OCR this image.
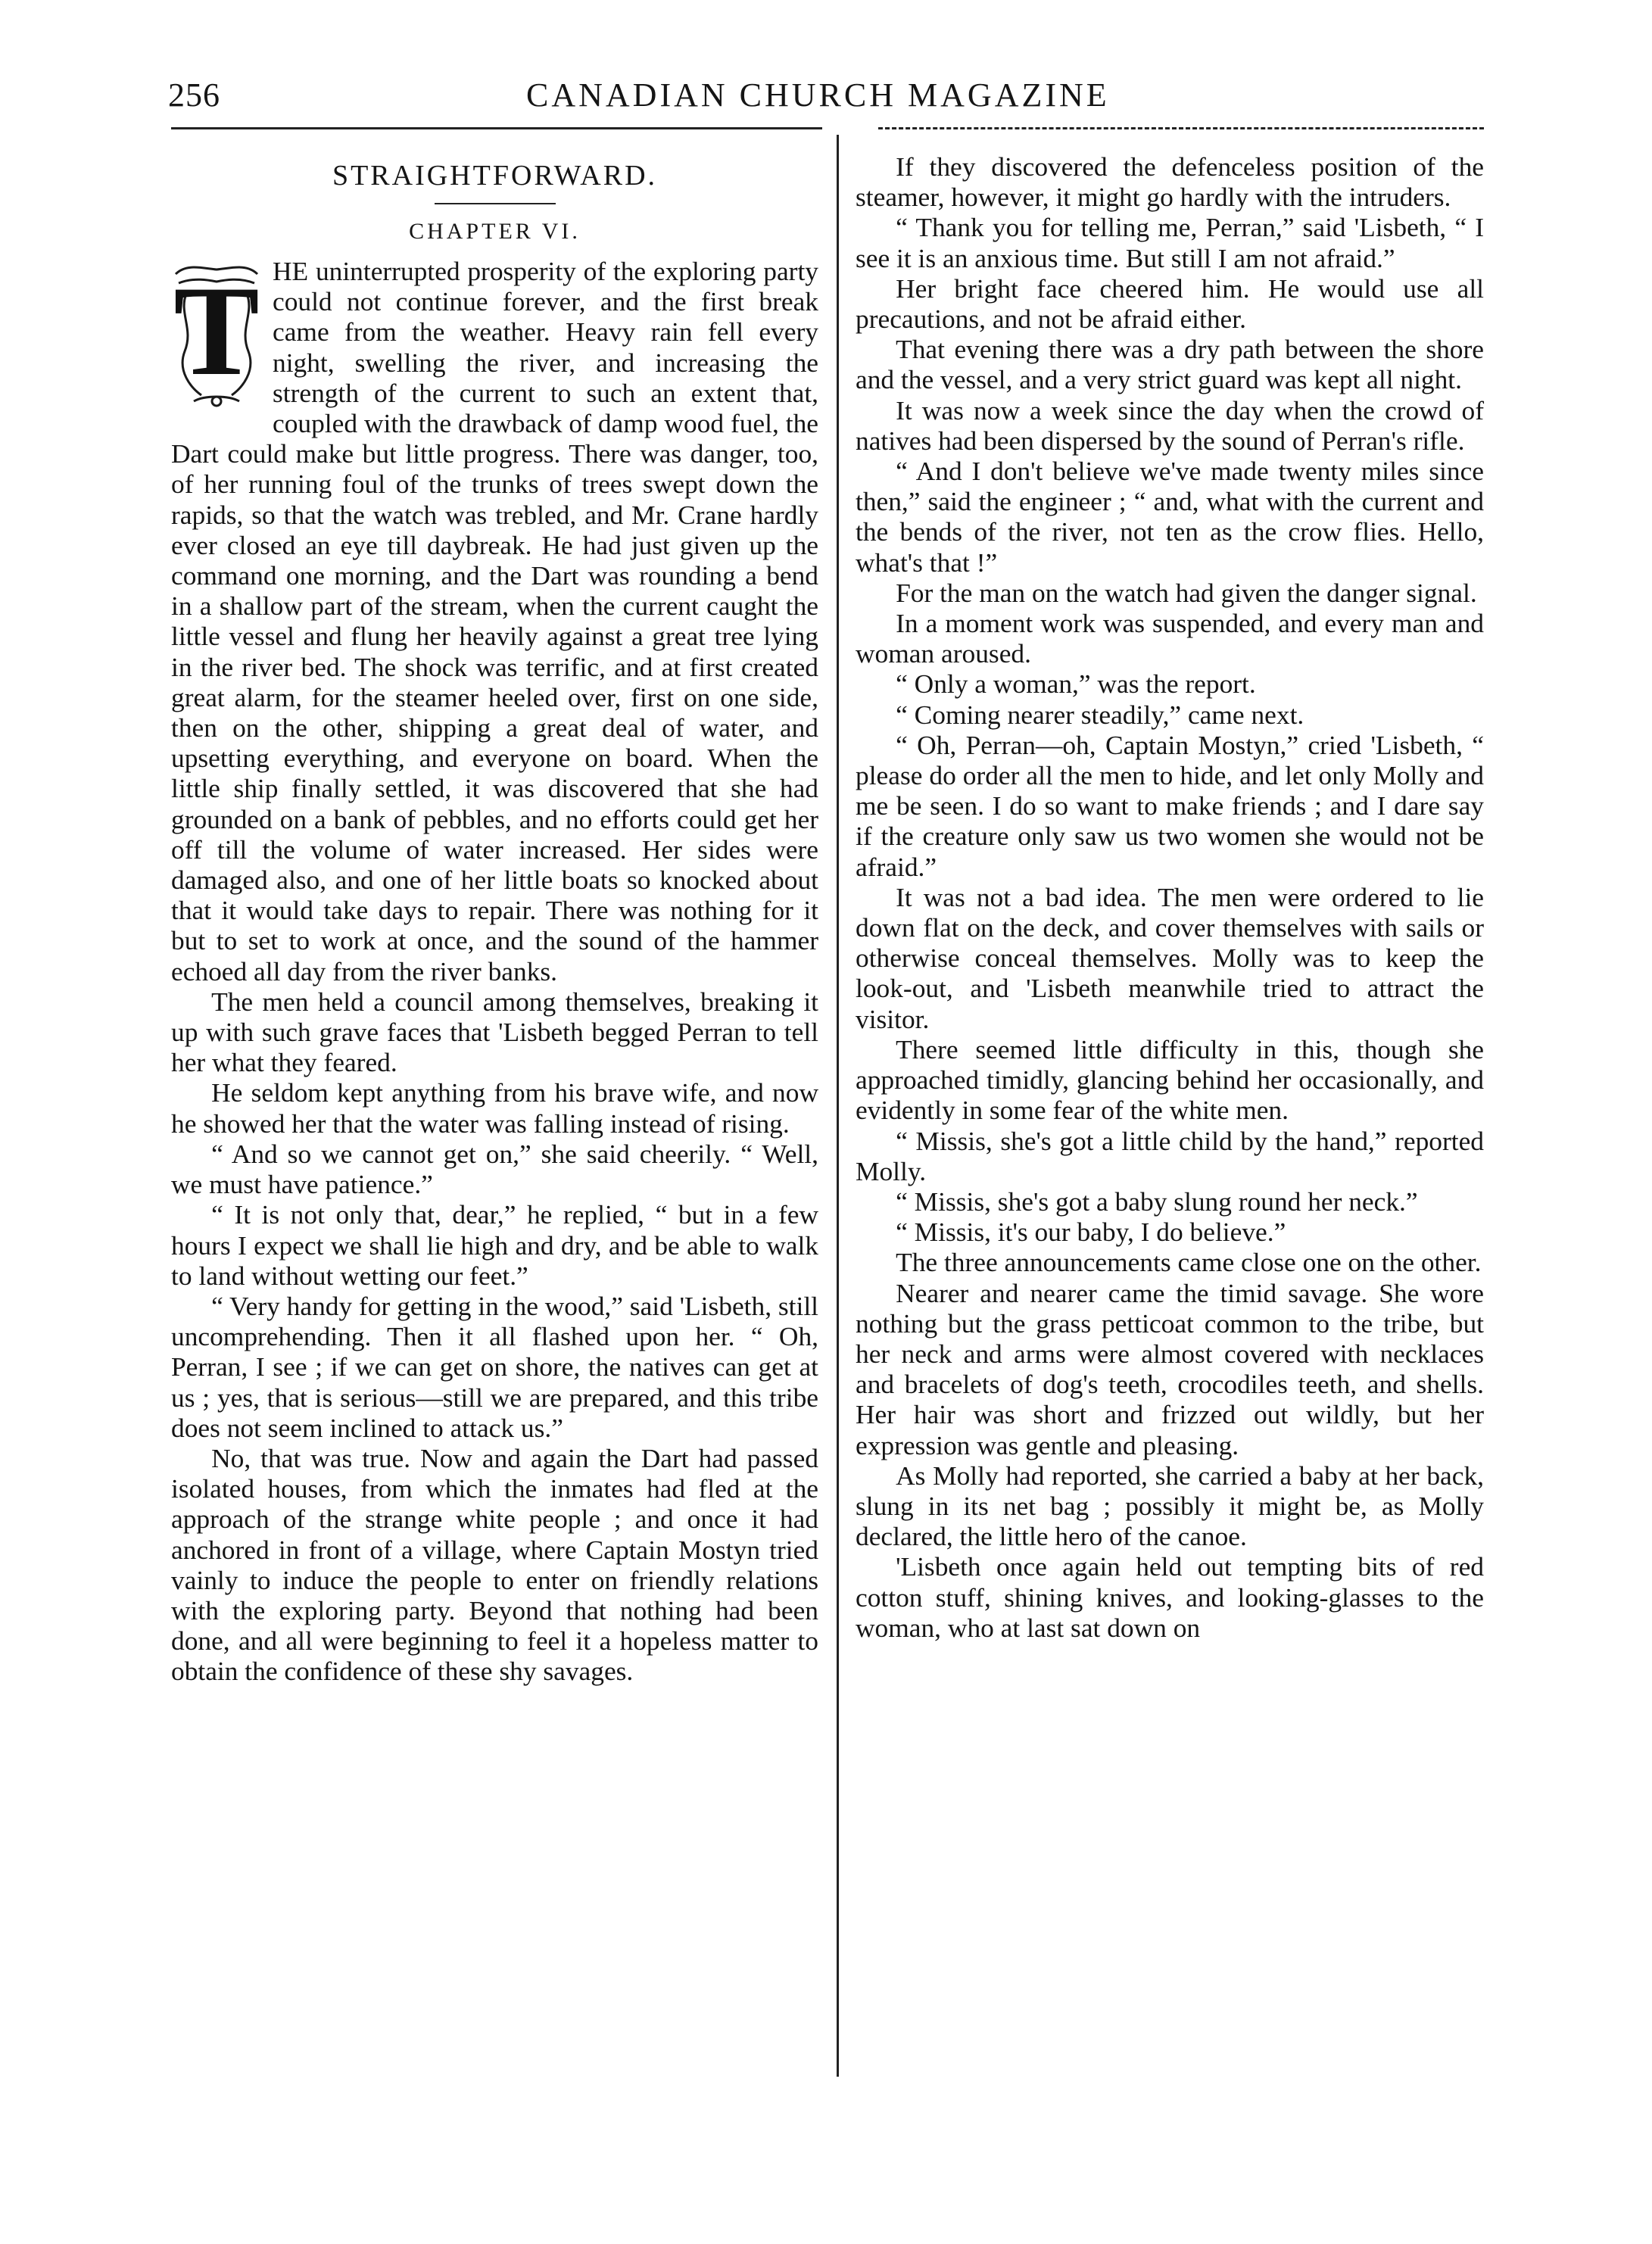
256	CANADIAN CHURCH MAGAZINE
STRAIGHTFORWARD.
CHAPTER VI.
T HE uninterrupted prosperity of the exploring party could not continue forever, and the first break came from the weather. Heavy rain fell every night, swelling the river, and increasing the strength of the current to such an extent that, coupled with the drawback of damp wood fuel, the Dart could make but little progress. There was danger, too, of her running foul of the trunks of trees swept down the rapids, so that the watch was trebled, and Mr. Crane hardly ever closed an eye till daybreak. He had just given up the command one morning, and the Dart was rounding a bend in a shallow part of the stream, when the current caught the little vessel and flung her heavily against a great tree lying in the river bed. The shock was terrific, and at first created great alarm, for the steamer heeled over, first on one side, then on the other, shipping a great deal of water, and upsetting everything, and everyone on board. When the little ship finally settled, it was discovered that she had grounded on a bank of pebbles, and no efforts could get her off till the volume of water increased. Her sides were damaged also, and one of her little boats so knocked about that it would take days to repair. There was nothing for it but to set to work at once, and the sound of the hammer echoed all day from the river banks.

The men held a council among themselves, breaking it up with such grave faces that 'Lisbeth begged Perran to tell her what they feared.

He seldom kept anything from his brave wife, and now he showed her that the water was falling instead of rising.

“ And so we cannot get on,” she said cheerily. “ Well, we must have patience.”

“ It is not only that, dear,” he replied, “ but in a few hours I expect we shall lie high and dry, and be able to walk to land without wetting our feet.”

“ Very handy for getting in the wood,” said 'Lisbeth, still uncomprehending. Then it all flashed upon her. “ Oh, Perran, I see ; if we can get on shore, the natives can get at us ; yes, that is serious—still we are prepared, and this tribe does not seem inclined to attack us.”

No, that was true. Now and again the Dart had passed isolated houses, from which the inmates had fled at the approach of the strange white people ; and once it had anchored in front of a village, where Captain Mostyn tried vainly to induce the people to enter on friendly relations with the exploring party. Beyond that nothing had been done, and all were beginning to feel it a hopeless matter to obtain the confidence of these shy savages.

If they discovered the defenceless position of the steamer, however, it might go hardly with the intruders.

“ Thank you for telling me, Perran,” said 'Lisbeth, “ I see it is an anxious time. But still I am not afraid.”

Her bright face cheered him. He would use all precautions, and not be afraid either.

That evening there was a dry path between the shore and the vessel, and a very strict guard was kept all night.

It was now a week since the day when the crowd of natives had been dispersed by the sound of Perran's rifle.

“ And I don't believe we've made twenty miles since then,” said the engineer ; “ and, what with the current and the bends of the river, not ten as the crow flies. Hello, what's that !”

For the man on the watch had given the danger signal.

In a moment work was suspended, and every man and woman aroused.

“ Only a woman,” was the report.

“ Coming nearer steadily,” came next.

“ Oh, Perran—oh, Captain Mostyn,” cried 'Lisbeth, “ please do order all the men to hide, and let only Molly and me be seen. I do so want to make friends ; and I dare say if the creature only saw us two women she would not be afraid.”

It was not a bad idea. The men were ordered to lie down flat on the deck, and cover themselves with sails or otherwise conceal themselves. Molly was to keep the look-out, and 'Lisbeth meanwhile tried to attract the visitor.

There seemed little difficulty in this, though she approached timidly, glancing behind her occasionally, and evidently in some fear of the white men.

“ Missis, she's got a little child by the hand,” reported Molly.

“ Missis, she's got a baby slung round her neck.”

“ Missis, it's our baby, I do believe.”

The three announcements came close one on the other.

Nearer and nearer came the timid savage. She wore nothing but the grass petticoat common to the tribe, but her neck and arms were almost covered with necklaces and bracelets of dog's teeth, crocodiles teeth, and shells. Her hair was short and frizzed out wildly, but her expression was gentle and pleasing.

As Molly had reported, she carried a baby at her back, slung in its net bag ; possibly it might be, as Molly declared, the little hero of the canoe.

'Lisbeth once again held out tempting bits of red cotton stuff, shining knives, and looking-glasses to the woman, who at last sat down on
